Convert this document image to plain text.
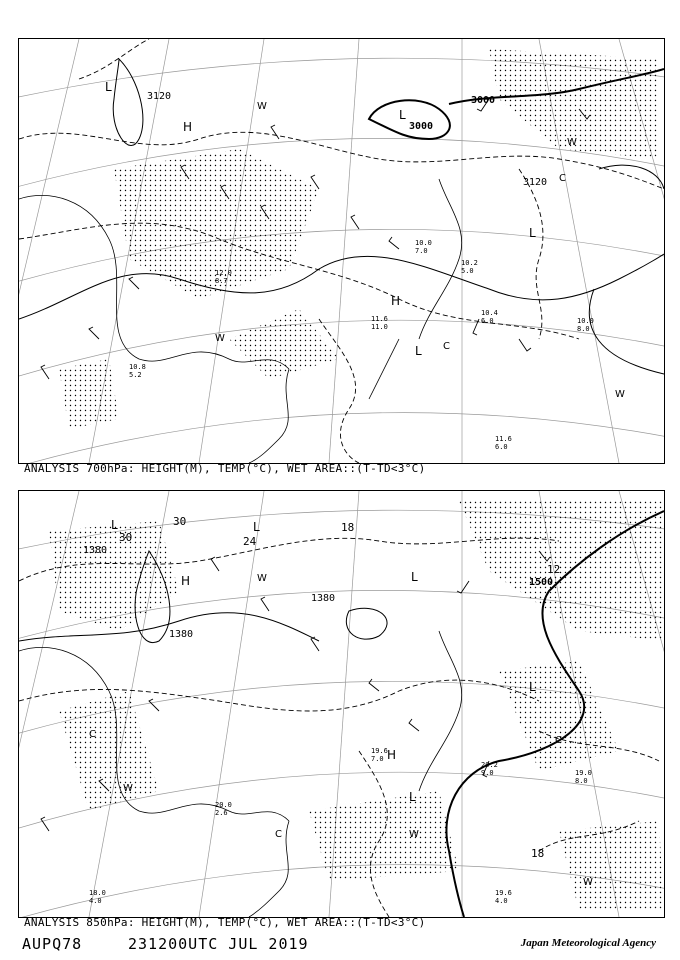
3120	3000
3000
3120
L
H
L
L
H
L C
W
W
W
C
W
10.4
6.0	10.0
8.0
11.6
6.0
11.6
11.0
10.2
5.0
12.0
8.7
10.8
5.2
10.0
7.0
ANALYSIS 700hPa: HEIGHT(M), TEMP(°C), WET AREA::(T-TD<3°C)
1380
1380
1380
1500
30
30
24
18
18
12
L
H
L
L
L
H
L
W
W
W
C
C
C
W
20.2
9.0
19.6
7.0
19.6
4.0
18.0
4.0
19.0
8.0
20.0
2.6
ANALYSIS 850hPa: HEIGHT(M), TEMP(°C), WET AREA::(T-TD<3°C)
AUPQ78	231200UTC JUL 2019	Japan Meteorological Agency
